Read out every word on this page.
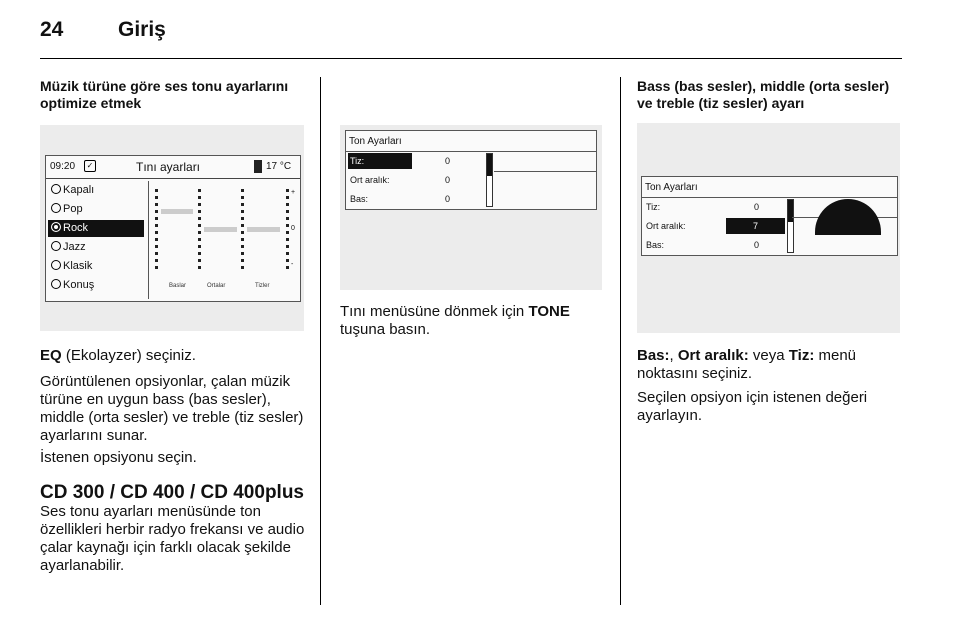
24	Giriş
Müzik türüne göre ses tonu ayarlarını optimize etmek
09:20	✓	Tını ayarları	17 °C
Kapalı
Pop
Rock
Jazz
Klasik
Konuş
+
0
-
Baslar	Ortalar	Tizler
EQ (Ekolayzer) seçiniz.
Görüntülenen opsiyonlar, çalan müzik türüne en uygun bass (bas sesler), middle (orta sesler) ve treble (tiz sesler) ayarlarını sunar.
İstenen opsiyonu seçin.
CD 300 / CD 400 / CD 400plus
Ses tonu ayarları menüsünde ton özellikleri herbir radyo frekansı ve audio çalar kaynağı için farklı olacak şekilde ayarlanabilir.
Ton Ayarları
Tiz:	0
Ort aralık:	0
Bas:	0
Tını menüsüne dönmek için TONE tuşuna basın.
Bass (bas sesler), middle (orta sesler) ve treble (tiz sesler) ayarı
Ton Ayarları
Tiz:	0
Ort aralık:	7
Bas:	0
Bas:, Ort aralık: veya Tiz: menü noktasını seçiniz.
Seçilen opsiyon için istenen değeri ayarlayın.
